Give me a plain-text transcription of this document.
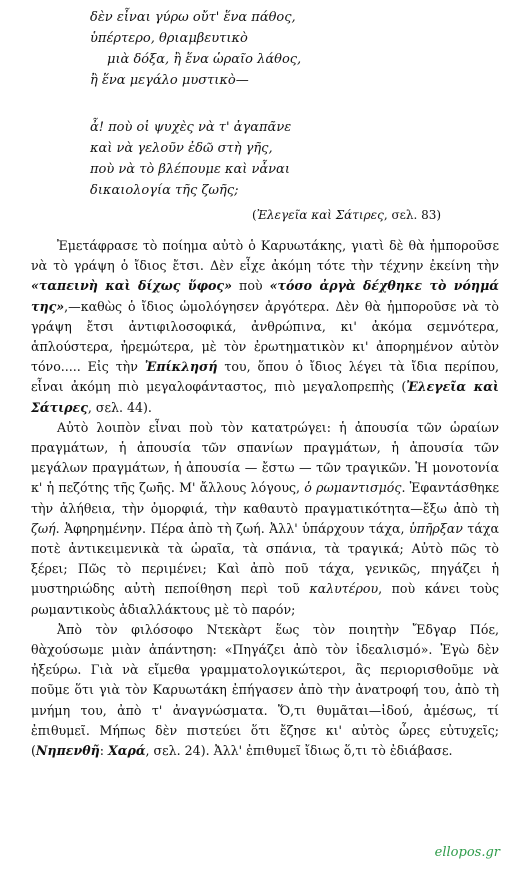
δὲν εἶναι γύρω οὔτ' ἕνα πάθος,
ὑπέρτερο, θριαμβευτικὸ
μιὰ δόξα, ἢ ἕνα ὡραῖο λάθος,
ἢ ἕνα μεγάλο μυστικὸ—
ἆ! ποὺ οἱ ψυχὲς νὰ τ' ἀγαπᾶνε
καὶ νὰ γελοῦν ἐδῶ στὴ γῆς,
ποὺ νὰ τὸ βλέπουμε καὶ νἆναι
δικαιολογία τῆς ζωῆς;
(Ἐλεγεῖα καὶ Σάτιρες, σελ. 83)

Ἐμετάφρασε τὸ ποίημα αὐτὸ ὁ Καρυωτάκης, γιατὶ δὲ θὰ ἠμποροῦσε νὰ τὸ γράψη ὁ ἴδιος ἔτσι. Δὲν εἶχε ἀκόμη τότε τὴν τέχνην ἐκείνη τὴν «ταπεινὴ καὶ δίχως ὕφος» ποὺ «τόσο ἀργὰ δέχθηκε τὸ νόημά της»,—καθὼς ὁ ἴδιος ὡμολόγησεν ἀργότερα. Δὲν θὰ ἠμποροῦσε νὰ τὸ γράψη ἔτσι ἀντιφιλοσοφικά, ἀνθρώπινα, κι' ἀκόμα σεμνότερα, ἁπλούστερα, ἠρεμώτερα, μὲ τὸν ἐρωτηματικὸν κι' ἀπορημένον αὐτὸν τόνο..... Εἰς τὴν Ἐπίκλησή του, ὅπου ὁ ἴδιος λέγει τὰ ἴδια περίπου, εἶναι ἀκόμη πιὸ μεγαλοφάνταστος, πιὸ μεγαλοπρεπὴς (Ἐλεγεῖα καὶ Σάτιρες, σελ. 44).

Αὐτὸ λοιπὸν εἶναι ποὺ τὸν κατατρώγει: ἡ ἀπουσία τῶν ὡραίων πραγμάτων, ἡ ἀπουσία τῶν σπανίων πραγμάτων, ἡ ἀπουσία τῶν μεγάλων πραγμάτων, ἡ ἀπουσία — ἔστω — τῶν τραγικῶν. Ἡ μονοτονία κ' ἡ πεζότης τῆς ζωῆς. Μ' ἄλλους λόγους, ὁ ρωμαντισμός. Ἐφαντάσθηκε τὴν ἀλήθεια, τὴν ὀμορφιά, τὴν καθαυτὸ πραγματικότητα—ἔξω ἀπὸ τὴ ζωή. Ἀφηρημένην. Πέρα ἀπὸ τὴ ζωή. Ἀλλ' ὑπάρχουν τάχα, ὑπῆρξαν τάχα ποτὲ ἀντικειμενικὰ τὰ ὡραῖα, τὰ σπάνια, τὰ τραγικά; Αὐτὸ πῶς τὸ ξέρει; Πῶς τὸ περιμένει; Καὶ ἀπὸ ποῦ τάχα, γενικῶς, πηγάζει ἡ μυστηριώδης αὐτὴ πεποίθηση περὶ τοῦ καλυτέρου, ποὺ κάνει τοὺς ρωμαντικοὺς ἀδιαλλάκτους μὲ τὸ παρόν;

Ἀπὸ τὸν φιλόσοφο Ντεκὰρτ ἕως τὸν ποιητὴν Ἔδγαρ Πόε, θὰχούσωμε μιὰν ἀπάντηση: «Πηγάζει ἀπὸ τὸν ἰδεαλισμό». Ἐγὼ δὲν ἠξεύρω. Γιὰ νὰ εἴμεθα γραμματολογικώτεροι, ἂς περιορισθοῦμε νὰ ποῦμε ὅτι γιὰ τὸν Καρυωτάκη ἐπήγασεν ἀπὸ τὴν ἀνατροφή του, ἀπὸ τὴ μνήμη του, ἀπὸ τ' ἀναγνώσματα. Ὅ,τι θυμᾶται—ἰδού, ἀμέσως, τί ἐπιθυμεῖ. Μήπως δὲν πιστεύει ὅτι ἔζησε κι' αὐτὸς ὧρες εὐτυχεῖς; (Νηπενθῆ: Χαρά, σελ. 24). Ἀλλ' ἐπιθυμεῖ ἴδιως ὅ,τι τὸ ἐδιάβασε.

ellopos.gr
